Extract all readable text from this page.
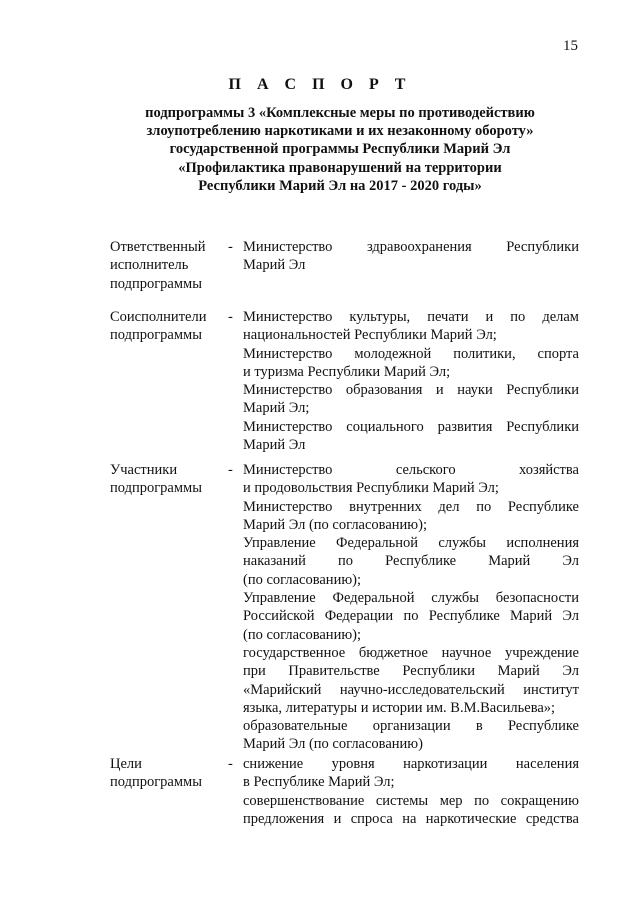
15
П А С П О Р Т
подпрограммы 3 «Комплексные меры по противодействию
злоупотреблению наркотиками и их незаконному обороту»
государственной программы Республики Марий Эл
«Профилактика правонарушений на территории
Республики Марий Эл на 2017 - 2020 годы»
Ответственный
исполнитель
подпрограммы
- Министерство здравоохранения Республики
Марий Эл
Соисполнители
подпрограммы
- Министерство культуры, печати и по делам
национальностей Республики Марий Эл;
Министерство молодежной политики, спорта
и туризма Республики Марий Эл;
Министерство образования и науки Республики
Марий Эл;
Министерство социального развития Республики
Марий Эл
Участники
подпрограммы
- Министерство сельского хозяйства
и продовольствия Республики Марий Эл;
Министерство внутренних дел по Республике
Марий Эл (по согласованию);
Управление Федеральной службы исполнения
наказаний по Республике Марий Эл
(по согласованию);
Управление Федеральной службы безопасности
Российской Федерации по Республике Марий Эл
(по согласованию);
государственное бюджетное научное учреждение
при Правительстве Республики Марий Эл
«Марийский научно-исследовательский институт
языка, литературы и истории им. В.М.Васильева»;
образовательные организации в Республике
Марий Эл (по согласованию)
Цели
подпрограммы
- снижение уровня наркотизации населения
в Республике Марий Эл;
совершенствование системы мер по сокращению
предложения и спроса на наркотические средства
